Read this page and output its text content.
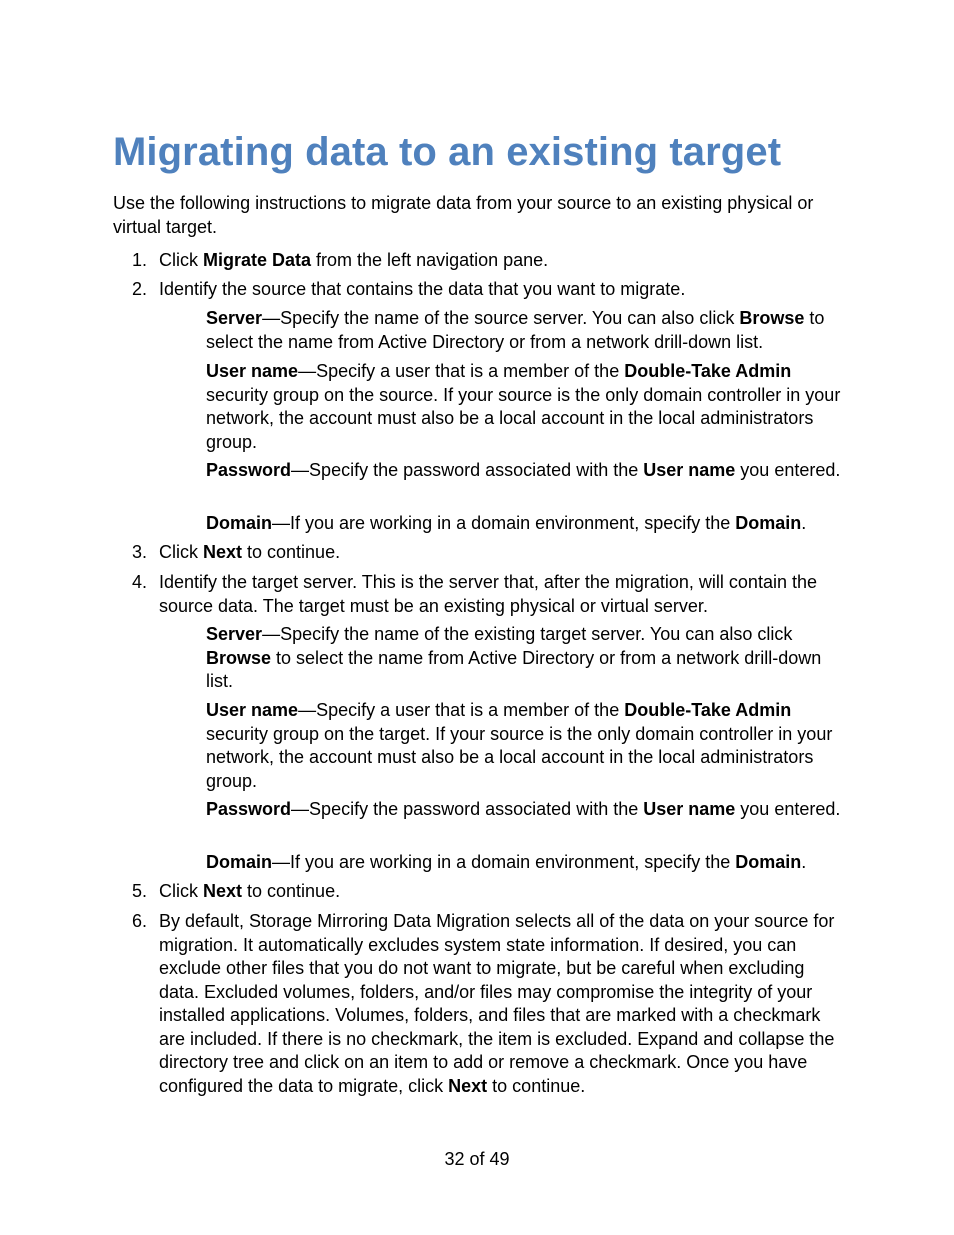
Migrating data to an existing target
Use the following instructions to migrate data from your source to an existing physical or virtual target.
1. Click Migrate Data from the left navigation pane.
2. Identify the source that contains the data that you want to migrate.
Server—Specify the name of the source server. You can also click Browse to select the name from Active Directory or from a network drill-down list.
User name—Specify a user that is a member of the Double-Take Admin security group on the source. If your source is the only domain controller in your network, the account must also be a local account in the local administrators group.
Password—Specify the password associated with the User name you entered.
Domain—If you are working in a domain environment, specify the Domain.
3. Click Next to continue.
4. Identify the target server. This is the server that, after the migration, will contain the source data. The target must be an existing physical or virtual server.
Server—Specify the name of the existing target server. You can also click Browse to select the name from Active Directory or from a network drill-down list.
User name—Specify a user that is a member of the Double-Take Admin security group on the target. If your source is the only domain controller in your network, the account must also be a local account in the local administrators group.
Password—Specify the password associated with the User name you entered.
Domain—If you are working in a domain environment, specify the Domain.
5. Click Next to continue.
6. By default, Storage Mirroring Data Migration selects all of the data on your source for migration. It automatically excludes system state information. If desired, you can exclude other files that you do not want to migrate, but be careful when excluding data. Excluded volumes, folders, and/or files may compromise the integrity of your installed applications. Volumes, folders, and files that are marked with a checkmark are included. If there is no checkmark, the item is excluded. Expand and collapse the directory tree and click on an item to add or remove a checkmark. Once you have configured the data to migrate, click Next to continue.
32 of 49
